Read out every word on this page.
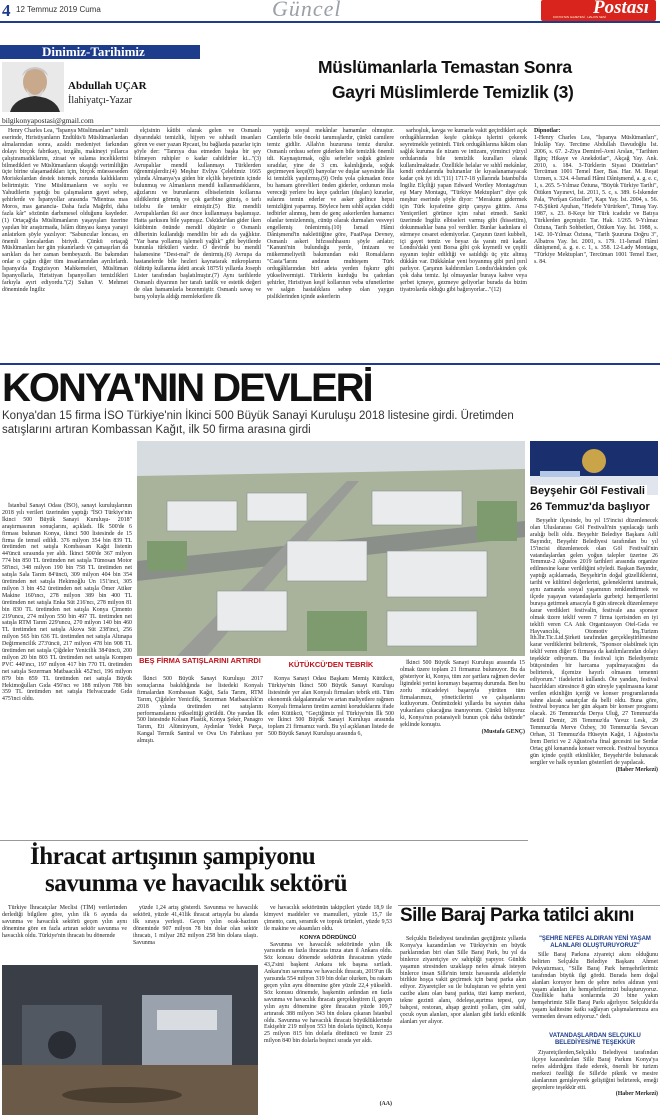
4 12 Temmuz 2019 Cuma	Güncel	Postası
KONYA'NIN GAZETESİ · HALKIN SESİ
Dinimiz-Tarihimiz
Abdullah UÇAR
İlahiyatçı-Yazar
bilgikonyapostasi@gmail.com
Müslümanlarla Temastan Sonra
Gayri Müslimlerde Temizlik (3)

Henry Charles Lea, "İspanya Müslümanları" isimli eserinde, Hıristiyanların Endülüs'ü Müslümanlardan almalarından sonra, azaldı medeniyet farkından dolayı birçok fabrikayı, tezgâhı, makineyi yıllarca çalıştıramadıklarını, ziraat ve sulama inceliklerini bilmedikleri ve Müslümanların ukaştığı verimliliğin üçte birine ulaşamadıkları için, birçok müesseseden Moriskolardan destek istemek zorunda kaldıklarını belirtmiştir. Yine Müslümanların ve soylu ve Yahudilerin yaptığı bu çalışmaların gayet sebep, şehirlerde ve İspanyollar arasında "Mientras mas Moros, mas ganancia- Daha fazla Mağribi, daha fazla kâr" sözünün darbımesel olduğunu kaydeder.(1) Ortaçağ'da Müslümanların yaşayışları üzerine yapılan bir araştırmada, İslâm dünyası kanya yanayi anlatırken şöyle yazılıyor: "Sabuncular loncası, en önemli loncalardan biriydi. Çünkü ortaçağ Müslümanları her gün yıkanırlardı ve çamaşırları da sarıkları da her zaman bembeyazdı. Bu bakımdan onlar o çağın diğer tüm insanlarından ayrılırlardı. İspanya'da Engizisyon Mahkemeleri, Müslüman İspanyollarla, Hıristiyan İspanyolları temizlikleri farkıyla ayırt ediyordu."(2) Sultan V. Mehmet döneminde İngiliz

elçisinin kâtibi olarak gelen ve Osmanlı diyarındaki temizlik, hijyen ve sıhhatli insanları gören ve eser yazan Rycaut, bu bağlarda pazarlar için şöyle der: "Tanrıya dua etmeden başka bir şey bilmeyen ruhipler o kadar cahildirler ki..."(3) Avrupalılar mendil kullanmayı Türklerden öğrenmişlerdir.(4) Meşhur Evliya Çelebimiz 1665 yılında Almanya'ya giden bir elçilik heyetinin içinde bulunmuş ve Almanların mendil kullanmadıklarını, ağızlarını ve burunlarını elbiselerinin kollarına sildiklerini görmüş ve çok garibine gitmiş, o tarlı istlobu ile temkir etmiştir.(5) Biz mendili Avrupalılardan iki asır önce kullanmaya başlamışız. Hatta şarkısını bile yapmışız. Üsküdar'dan gider iken kâtibimin önünde mendil düşürür o Osmanlı dilberinin kullandığı mendilin bir adı da yağlıktır. "Yar bana yollamış işlemeli yağlık" gibi beyitlerde bununla türküleri vardır. O devirde bu mendil halamesine "Dest-mal" de denirmiş.(6) Avrupa da hastanelerde bile hezleri kaynatarak mikroplarını öldürüp kullanma âdeti ancak 1875'li yıllarda Joseph Lister tarafından başlatılmıştır.(7) Aynı tarihlerde Osmanlı diyarının her tarafı tanlik ve estetik değeri de olan hamamlarla bezenmiştir. Osmanlı savaş ve barış yoluyla aldığı memleketlere ilk

yaptığı sosyal mekânlar hamamlar olmuştur. Camilerin bile önceki tanımışlardır, çünkü camilere temiz gidilir. Allah'ın huzuruna temiz durulur. Osmanlı ordusu sefere giderken bile temizlik önemli idi. Kaynaştırmak, oğlu seferler soğuk günlere sıradılar, yine de 3 cm. kalınlığında, soğuk geçirmeyen keçe(8) banyolar ve duşlar sayesinde illa ki temizlik yapılırmış.(9) Ordu yola çıkmadan önce bu hamam görevlileri önden giderler, ordunun mola vereceği yerlere bu keçe çadırları (duşları) kurarlar, sularını temin ederler ve asker gelince hepsi temizliğini yaparmış. Böylece hem sıhhî açıdan ciddi tedbirler alınmış, hem de genç askerlerden hamamcı olanlar temizlenmiş, cünüp olarak durmaları vesveyi engellemiş önlenirmiş.(10) İsmail Hâmi Dânişmend'in nakletitiğine göre, FuatPaşa Devney, Osmanlı askeri hifzıssıhhasını şöyle anlatır; "Kanuni'nin bulunduğu yerde, imizam ve mükemmeliyetli bakımından eski Romalıların "Casta"larını andıran muhteşem Türk ordugâhlarından biri adeta yerden fışkırır gibi yükselivermişti. Türklerin kurduğu bu çadırdan şehirler, Hıristiyan keşif kollarının veba ufunetlerine ve salgın hastalıklara sebep olan yaygın pisliklerinden içinde askerlerin

sarhoşluk, kavga ve kumarla vakit geçirdikleri açık ordugâhlarından keşfe çıktıkça işlerini çekerek seyretmekle yetinirdi. Türk ordugâhlarına hâkim olan sağlık kuruma ile nizam ve intizam, yirminci yüzyıl ordularında bile temizlik kuralları olarak kullanılmaktadır. Özellikle helalar ve sıhhî mekânlar, kendi ordularında bulunanlar ile kıyaslanamayacak kadar çok iyi idi."(11) 1717-18 yıllarında İstanbul'da İngiliz Elçiliği yapan Edward Wortley Montagu'nun eşi Mary Montagu, "Türkiye Mektupları" diye çok meşhur eserinde şöyle diyor: "Merakımı gidermek için Türk kıyafetine girip çarşıya gittim. Ama Yeniçerileri görünce içim rahat etmedi. Sanki üzerimde İngiliz elbiseleri varmış gibi (hissettim), dokunmadılar bana yol verdiler. Bunlar kadınlara el sürmeye cesaret edemiyorlar. Çarşının üzeri kubbeli, içi gayet temiz ve beyaz da yaratı mü kadar. Londra'daki yeni Borsa gibi çok kıymetli ve çeşitli eşyanın teşhir edildiği ve satıldığı üç yüz altmış dükkân var. Dükkânlar yeni boyanmış gibi pırıl pırıl parlıyor. Çarşının kaldırımları Londra'dakinden çok çok daha temiz. İşi olmayanlar buraya kahve veya şerbet içmeye, gezmeye geliyorlar burada da bizim tiyatrolarda olduğu gibi bağırıyorlar..."(12)

Dipnotlar:

1-Henry Charles Lea, "İspanya Müslümanları", İnkılâp Yay. Tercüme Abdullah Davudoğlu İst. 2006, s. 67. 2-Ziya Demirel-Avni Arslan, "Tarihten İlginç Hikaye ve Anekdotlar", Akçağ Yay. Ank. 2010, s. 184. 3-Türklerin Siyasi Düstürları" Tercüman 1001 Temel Eser, Bas. Har. M. Reşat Uzmen, s. 324. 4-İsmail Hâmi Dânişmend, a. g. e. c, 1, s. 265. 5-Yılmaz Öztuna, "Büyük Türkiye Tarihi", Ötüken Yayınevi, İst. 2011, 5. c, s. 389. 6-İskender Pala, "Perîşan Gözeller", Kapı Yay. İst. 2004, s. 56. 7-B.Şükrü Apuhan, "Hedefe Yürürken", Timaş Yay. 1987, s. 23. 8-Keçe bir Türk icadıdır ve Batıya Türklerden geçmiştir. Tar. Hak. 1/265. 9-Yılmaz Öztuna, Tarih Sohbetleri, Ötüken Yay. İst. 1988, s. 142. 10-Yılmaz Öztuna, "Tarih Şuuruna Doğru 3", Albatros Yay. İst. 2001, s. 179. 11-İsmail Hâmi dânişmend, a. g. e. c. 1, s. 358. 12-Lady Montagu, "Türkiye Mektupları", Tercüman 1001 Temel Eser, s. 84.

KONYA'NIN DEVLERİ
Konya'dan 15 firma İSO Türkiye'nin İkinci 500 Büyük Sanayi Kuruluşu 2018 listesine girdi. Üretimden satışlarını artıran Kombassan Kağıt, ilk 50 firma arasına girdi

İstanbul Sanayi Odası (İSO), sanayi kuruluşlarının 2018 yılı verileri üzerinden yaptığı "İSO Türkiye'nin İkinci 500 Büyük Sanayi Kuruluşu- 2018" araştırmasının sonuçlarını, açıkladı. İlk 500'de 6 firması bulunan Konya, ikinci 500 listesinde de 15 firma ile temsil edildi. 376 milyon 354 bin 839 TL üretimden net satışla Kombassan Kağıt listenin 44'üncü sırasında yer aldı. İkinci 500'de 367 milyon 774 bin 850 TL üretimden net satışla Tümosan Motor 58'inci, 348 milyon 190 bin 758 TL üretimden net satışla Sala Tarım 84'üncü, 309 milyon 404 bin 354 üretimden net satışla Hekimoğlu Un 151'inci, 305 milyon 3 bin 452 üretimden net satışla Ömer Atiker Makine 160'ıncı, 278 milyon 389 bin 400 TL üretimden net satışla Enka Süt 216'ncı, 278 milyon 81 bin 830 TL üretimden net satışla Konya Çimento 219'uncu, 274 milyon 550 bin 497 TL üretimden net satışla RTM Tarım 229'uncu, 270 milyon 140 bin 460 TL üretimden net satışla Akova Süt 238'inci, 256 milyon 565 bin 636 TL üretimden net satışla Altınapa Değirmencilik 273'üncü, 217 milyon 478 bin 908 TL üretimden net satışla Çiğdeler Yenicilik 384'üncü, 200 milyon 20 bin 803 TL üretimden net satışla Kompen PVC 440'ıncı, 197 milyon 417 bin 770 TL üretimden net satışla Sezerman Matbaacılık 452'nci, 196 milyon 879 bin 859 TL üretimden net satışla Büyük Hekimoğulları Gıda 456'ncı ve 188 milyon 788 bin 359 TL üretimden net satışla Helvacızade Gıda 475'inci oldu.

BEŞ FİRMA SATIŞLARINI ARTIRDI

İkinci 500 Büyük Sanayi Kuruluşu 2017 sonuçlarına bakıldığında ise listedeki Konyalı firmalardan Kombassan Kağıt, Safa Tarım, RTM Tarım, Çiğdeler Yenicilik, Sezerman Matbaacılık'ın 2018 yılında üretimden net satışlarını performanslarını yükselttiği görüldü. Öte yandan İlk 500 listesinde Kolsan Plastik, Konya Şeker, Panagro Tarım, Eti Alüminyum, Aydınlar Yedek Parça, Kangal Termik Santral ve Ova Un Fabrikası yer almıştı.

KÜTÜKCÜ'DEN TEBRİK

Konya Sanayi Odası Başkanı Memiş Kütükcü, Türkiye'nin İkinci 500 Büyük Sanayi Kuruluşu listesinde yer alan Konyalı firmaları tebrik etti. Tüm ekonomik dalgalanmalar ve artan maliyetlere rağmen Konyalı firmaların üretim azmini koruduklarını ifade eden Kütükcü, "Geçtiğimiz yıl Türkiye'nin İlk 500 ve İkinci 500 Büyük Sanayi Kuruluşu arasında toplam 21 firmamız vardı. Bu yıl açıklanan listede de 500 Büyük Sanayi Kuruluşu arasında 6,

İkinci 500 Büyük Sanayi Kuruluşu arasında 15 olmak üzere toplam 21 firmamız bulunuyor. Bu da gösteriyor ki, Konya, tüm zor şartlara rağmen devler ligindeki yerini korumayı başarmış durumda. Ben bu zorlu mücadeleyi başarıyla yürüten tüm firmalarımızı, yöneticilerini ve çalışanlarını kutluyorum. Önümüzdeki yıllarda bu sayının daha yukarılara çıkacağına inanıyorum. Çünkü biliyoruz ki, Konya'nın potansiyeli bunun çok daha üstünde" şeklinde konuştu.

(Mustafa GENÇ)
Beyşehir Göl Festivali
26 Temmuz'da başlıyor

Beyşehir ilçesinde, bu yıl 15'incisi düzenlenecek olan Uluslararası Göl Festivali'nin yapılacağı tarih aralığı belli oldu. Beyşehir Belediye Başkanı Adil Bayındır, Beyşehir Belediyesi tarafından bu yıl 15'incisi düzenlenecek olan Göl Festivali'nin vatandaşlardan gelen yoğun talepler üzerine 26 Temmuz-2 Ağustos 2019 tarihleri arasında organize edilmesine karar verildiğini söyledi. Başkan Bayındır, yaptığı açıklamada, Beyşehir'in doğal güzelliklerini, tarihi ve kültürel değerlerini, geleneklerini tanıtmak, aynı zamanda sosyal yaşamının renklendirmek ve ilçede yaşayan vatandaşlarla gurbetçi hemşerilerini buraya getirmek amacıyla 8 gün sürecek düzenlemeye karar verdikleri festivalin, festivale ana sponsor olmak üzere teklif veren 7 firma içerisinden en iyi teklifi veren CA Atık Organizasyon Otel-Gıda ve Hayvancılık, Otomotiv İnş.Turizm İth.İhr.Tic.Ltd.Şirketi tarafından gerçekleştirilmesine karar verdiklerini belirterek, "Sponsor olabilmek için teklif veren diğer 6 firmaya da katılımlarından dolayı teşekkür ediyorum. Bu festival için Belediyemiz bütçesinden bir harcama yapılmayacağını da belirterek, ilçemize hayırlı olmasını temenni ediyorum." ifadelerini kullandı. Öte yandan, festival hazırlıkları süresince 8 gün süreyle yapılmasına karar verilen etkinliğin içeriği ve konser programlarında sahne alacak sanatçılar da belli oldu. Buna göre, festival boyunca her gün akşam bir konser programı olacak. 26 Temmuz'da Derya Uluğ, 27 Temmuz'da Bettül Demir, 28 Temmuz'da Yavuz Lesk, 29 Temmuz'da Merve Özbey, 30 Temmuz'da Sevcan Orhan, 31 Temmuz'da Hüseyin Kağıt, 1 Ağustos'ta İrem Derici ve 2 Ağustos'ta final gecesini ise Serdar Ortaç göl kenarında konser verecek. Festival boyunca gün içinde çeşitli etkinlikler, Beyşehir'de bulunacak sergiler ve halk oyunları gösterileri de yapılacak.

(Haber Merkezi)
İhracat artışının şampiyonu
savunma ve havacılık sektörü

Türkiye İhracatçılar Meclisi (TİM) verilerinden derlediği bilgilere göre, yılın ilk 6 ayında da savunma ve havacılık sektörü geçen yılın aynı dönemine göre en fazla artıran sektör savunma ve havacılık oldu. Türkiye'nin ihracatı bu dönemde

yüzde 1,24 artış gösterdi. Savunma ve havacılık sektörü, yüzde 41,41lik ihracat artışıyla bu alanda ilk sıraya yerleşti. Geçen yılın ocak-haziran döneminde 907 milyon 78 bin dolar olan sektör ihracatı, 1 milyar 282 milyon 258 bin dolara ulaştı. Savunma

ve havacılık sektörünün takipçileri yüzde 18,9 ile kimyevi maddeler ve mamulleri, yüzde 15,7 ile çimento, cam, seramik ve toprak ürünleri, yüzde 9,53 ile makine ve aksamları oldu.

KONYA DÖRDÜNCÜ

Savunma ve havacılık sektöründe yılın ilk yarısında en fazla ihracata imza atan il Ankara oldu. Söz konusu dönemde sektörün ihracatının yüzde 43,2'sini başkent Ankara tek başına sırtladı. Ankara'nın savunma ve havacılık ihracatı, 2019'un ilk yarısında 554 milyon 319 bin dolar olurken, bu rakam geçen yılın aynı dönemine göre yüzde 22,4 yükseldi. Söz konusu dönemde, başkentin ardından en fazla savunma ve havacılık ihracatı gerçekleştiren il, geçen yılın aynı dönemine göre ihracatın yüzde 109,7 artırarak 388 milyon 343 bin dolara çıkaran İstanbul oldu. Savunma ve havacılık ihracatı büyüklüklerinde Eskişehir 219 milyon 553 bin dolarla üçüncü, Konya 25 milyon 815 bin dolarla dördüncü ve İzmir 23 milyon 840 bin dolarla beşinci sırada yer aldı.

(AA)
Sille Baraj Parka tatilci akını

Selçuklu Belediyesi tarafından geçtiğimiz yıllarda Konya'ya kazandırılan ve Türkiye'nin en büyük parklarından biri olan Sille Baraj Park, bu yıl da binlerce ziyaretçiye ev sahipliği yapıyor. Günlük yaşamın stresinden uzaklaşıp nefes almak isteyen binlerce insan Sille'nin temiz havasında aileleriyle birlikte hoşça vakit geçirmek için baraj parka akın ediyor. Ziyaretçiler su ile buluşturan ve şehrin yeni cazibe alanı olan baraj parkta, tüzi kamp merkezi, tekne gezinti alanı, ödeleşe,aşırtma tepesi, çay bahçesi, restoran, ahşap gezinti yolları, çim sahil, çocuk oyun alanları, spor alanları gibi farklı etkinlik alanları yer alıyor.

"ŞEHRE NEFES ALDIRAN YENİ YAŞAM ALANLARI OLUŞTURUYORUZ"

Sille Baraj Parkına ziyaretçi akını olduğunu belirten Selçuklu Belediye Başkanı Ahmet Pekyatırmacı, "Sille Baraj Park hemşehrilerimiz tarafından büyük ilgi gördü. Burada hem doğal alanları koruyor hem de şehre nefes aldıran yeni yaşam alanları ile hemşehrilerimizi buluşturuyoruz. Özellikle hafta sonlarında 20 bine yakın hemşehrimiz Sille Baraj Parkı ağırlıyor. Selçuklu'da yaşam kalitesine katkı sağlayan çalışmalarımıza ara vermeden devam ediyoruz." dedi.

VATANDAŞLARDAN SELÇUKLU BELEDİYESİ'NE TEŞEKKÜR

Ziyaretçilerden,Selçuklu Belediyesi tarafından ilçeye kazandırılan Sille Baraj Parkını Konya'ya nefes aldırdığını ifade ederek, önemli bir turizm merkezi özelliği ile Sille'de piknik ve mesire alanlarının genişleyerek geliştiğini belirterek, emeği geçenlere teşekkür etti.

(Haber Merkezi)
